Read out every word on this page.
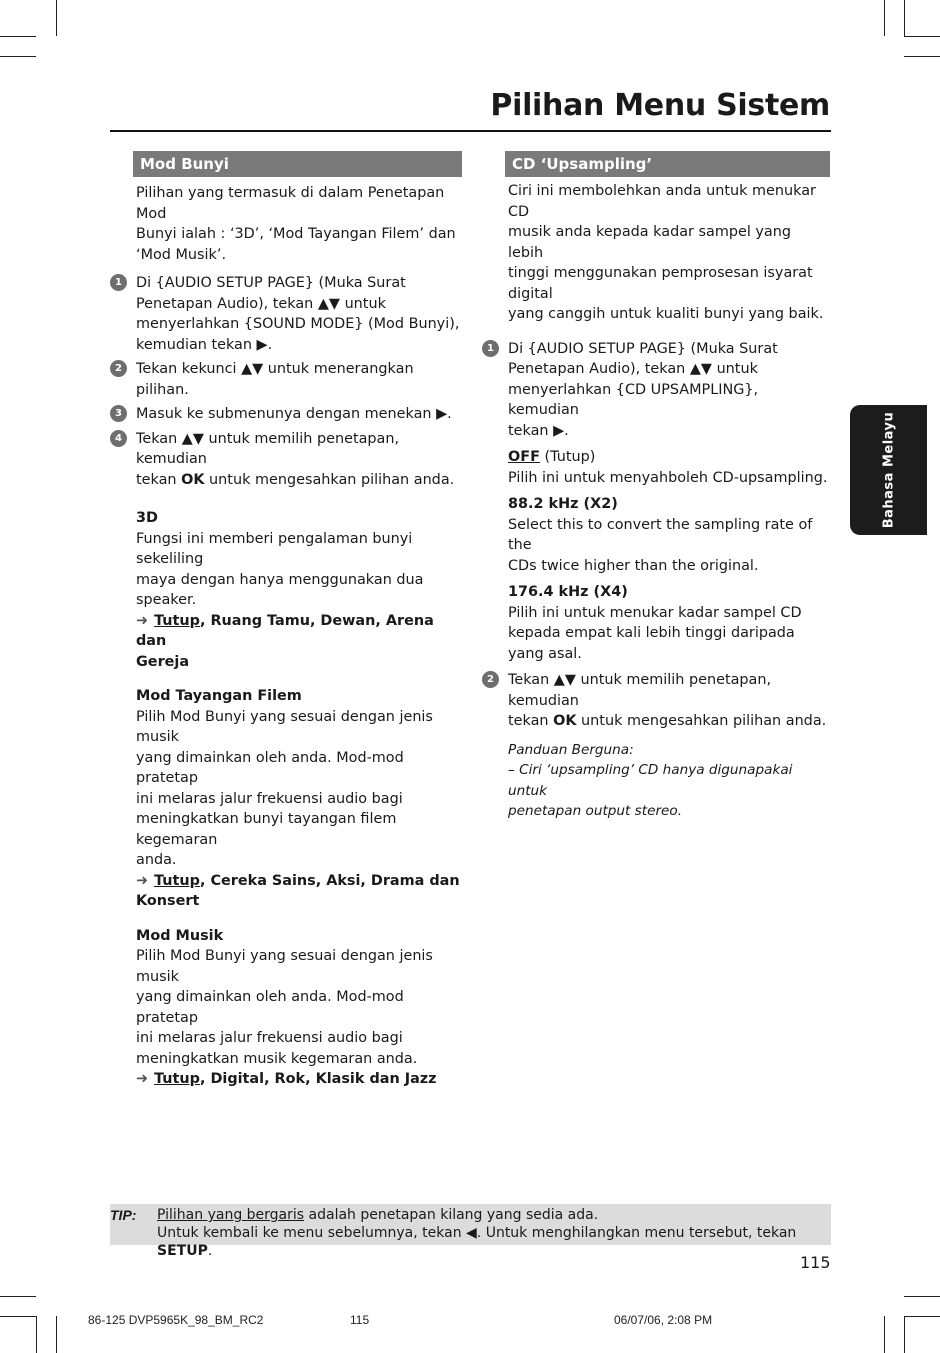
Pilihan Menu Sistem
Bahasa Melayu
Mod Bunyi
Pilihan yang termasuk di dalam Penetapan Mod
Bunyi ialah : ‘3D’, ‘Mod Tayangan Filem’ dan
‘Mod Musik’.
1 Di {AUDIO SETUP PAGE} (Muka Surat
Penetapan Audio), tekan ▲▼ untuk
menyerlahkan {SOUND MODE} (Mod Bunyi),
kemudian tekan ▶.
2 Tekan kekunci ▲▼ untuk menerangkan pilihan.
3 Masuk ke submenunya dengan menekan ▶.
4 Tekan ▲▼ untuk memilih penetapan, kemudian
tekan OK untuk mengesahkan pilihan anda.
3D
Fungsi ini memberi pengalaman bunyi sekeliling
maya dengan hanya menggunakan dua speaker.
➜ Tutup, Ruang Tamu, Dewan, Arena dan
Gereja
Mod Tayangan Filem
Pilih Mod Bunyi yang sesuai dengan jenis musik
yang dimainkan oleh anda. Mod-mod pratetap
ini melaras jalur frekuensi audio bagi
meningkatkan bunyi tayangan filem kegemaran
anda.
➜ Tutup, Cereka Sains, Aksi, Drama dan
Konsert
Mod Musik
Pilih Mod Bunyi yang sesuai dengan jenis musik
yang dimainkan oleh anda. Mod-mod pratetap
ini melaras jalur frekuensi audio bagi
meningkatkan musik kegemaran anda.
➜ Tutup, Digital, Rok, Klasik dan Jazz
CD ‘Upsampling’
Ciri ini membolehkan anda untuk menukar CD
musik anda kepada kadar sampel yang lebih
tinggi menggunakan pemprosesan isyarat digital
yang canggih untuk kualiti bunyi yang baik.
1 Di {AUDIO SETUP PAGE} (Muka Surat
Penetapan Audio), tekan ▲▼ untuk
menyerlahkan {CD UPSAMPLING}, kemudian
tekan ▶.
OFF (Tutup)
Pilih ini untuk menyahboleh CD-upsampling.
88.2 kHz (X2)
Select this to convert the sampling rate of the
CDs twice higher than the original.
176.4 kHz (X4)
Pilih ini untuk menukar kadar sampel CD
kepada empat kali lebih tinggi daripada yang asal.
2 Tekan ▲▼ untuk memilih penetapan, kemudian
tekan OK untuk mengesahkan pilihan anda.
Panduan Berguna:
– Ciri ‘upsampling’ CD hanya digunapakai untuk
penetapan output stereo.
TIP: Pilihan yang bergaris adalah penetapan kilang yang sedia ada.
Untuk kembali ke menu sebelumnya, tekan ◀. Untuk menghilangkan menu tersebut, tekan SETUP.
115
86-125 DVP5965K_98_BM_RC2	115	06/07/06, 2:08 PM
